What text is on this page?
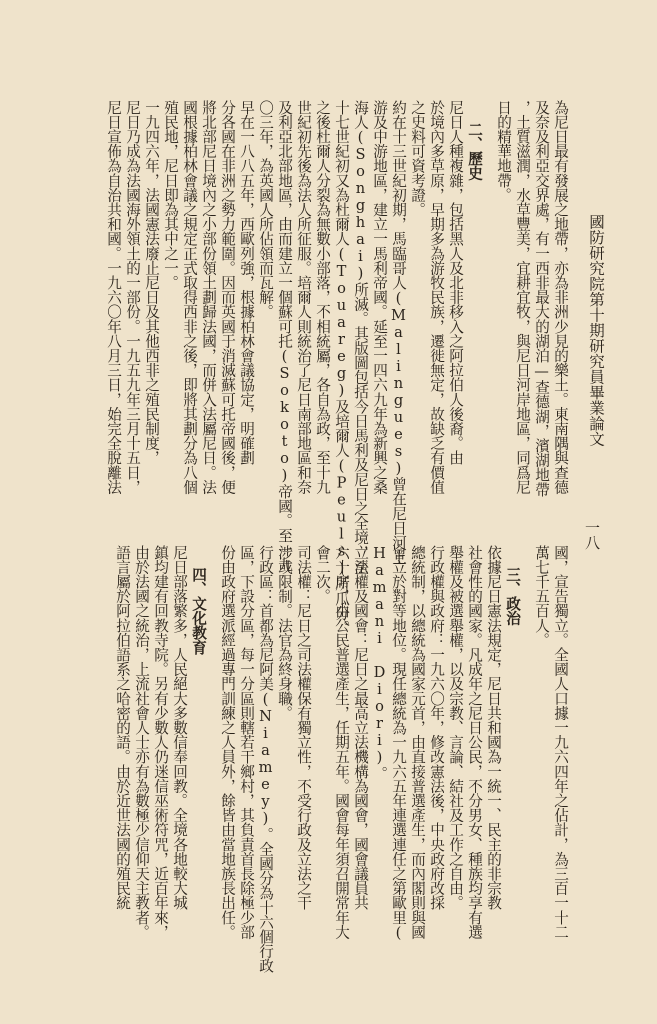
國防研究院第十期研究員畢業論文
一八
為尼日最有發展之地帶，亦為非洲少見的樂土。東南隅與查德
及奈及利亞交界處，有一西非最大的湖泊—查德湖，濱湖地帶
，土質滋潤，水草豐美，宜耕宜牧，與尼日河岸地區，同爲尼
日的精華地帶。
二、歷史
尼日人種複雜，包括黑人及北非移入之阿拉伯人後裔。由
於境內多草原，早期多為游牧民族，遷徙無定，故缺乏有價值
之史料可資考證。
約在十三世紀初期，馬臨哥人(Malingues)曾在尼日河上
游及中游地區，建立一馬利帝國。延至一四六九年為新興之桑
海人(Songhai)所滅。其版圖包括今日馬利及尼日之全境，至
十七世紀初又為杜爾人(Touareg)及培爾人(Peuls)所瓜分。
之後杜爾人分裂為無數小部落，不相統屬，各自為政，至十九
世紀初先後為法人所征服。培爾人則統治了尼日南部地區和奈
及利亞北部地區，由而建立一個蘇可托(Sokoto)帝國。至一九
〇三年，為英國人所佔領而瓦解。
早在一八八五年，西歐列強，根據柏林會議協定，明確劃
分各國在非洲之勢力範圍。因而英國于消滅蘇可托帝國後，便
將北部尼日境內之小部份領土劃歸法國，而併入法屬尼日。法
國根據柏林會議之規定正式取得西非之後，即將其劃分為八個
殖民地，尼日即為其中之一。
一九四六年，法國憲法廢止尼日及其他西非之殖民制度，
尼日乃成為法國海外領土的一部份。一九五九年三月十五日，
尼日宣佈為自治共和國。一九六〇年八月三日，始完全脫離法
國，宣告獨立。全國人口據一九六四年之佔計，為三百一十二
萬七千五百人。
三、政治
依據尼日憲法規定，尼日共和國為一統一、民主的非宗教
社會性的國家。凡成年之尼日公民，不分男女、種族均享有選
舉權及被選舉權，以及宗教、言論、結社及工作之自由。
行政權與政府：一九六〇年，修改憲法後，中央政府改採
總統制，以總統為國家元首，由直接普選產生，而內閣則與國
會立於對等地位。現任總統為一九六五年連選連任之第歐里(
Hamani Diori)。
立法權及國會：尼日之最高立法機構為國會，國會議員共
六十席，由公民普選產生，任期五年。國會每年須召開常年大
會二次。
司法權：尼日之司法權保有獨立性，不受行政及立法之干
涉或限制。法官為終身職。
行政區：首都為尼阿美(Niamey)。全國分為十六個行政
區，下設分區，每一分區則轄若干鄉村，其負責首長除極少部
份由政府選派經過專門訓練之人員外，餘皆由當地族長出任。
四、文化教育
尼日部落繁多，人民絕大多數信奉回教。全境各地較大城
鎮均建有回教寺院。另有少數人仍迷信巫術符咒，近百年來，
由於法國之統治，上流社會人士亦有為數極少信仰天主教者。
語言屬於阿拉伯語系之哈密的語。由於近世法國的殖民統
